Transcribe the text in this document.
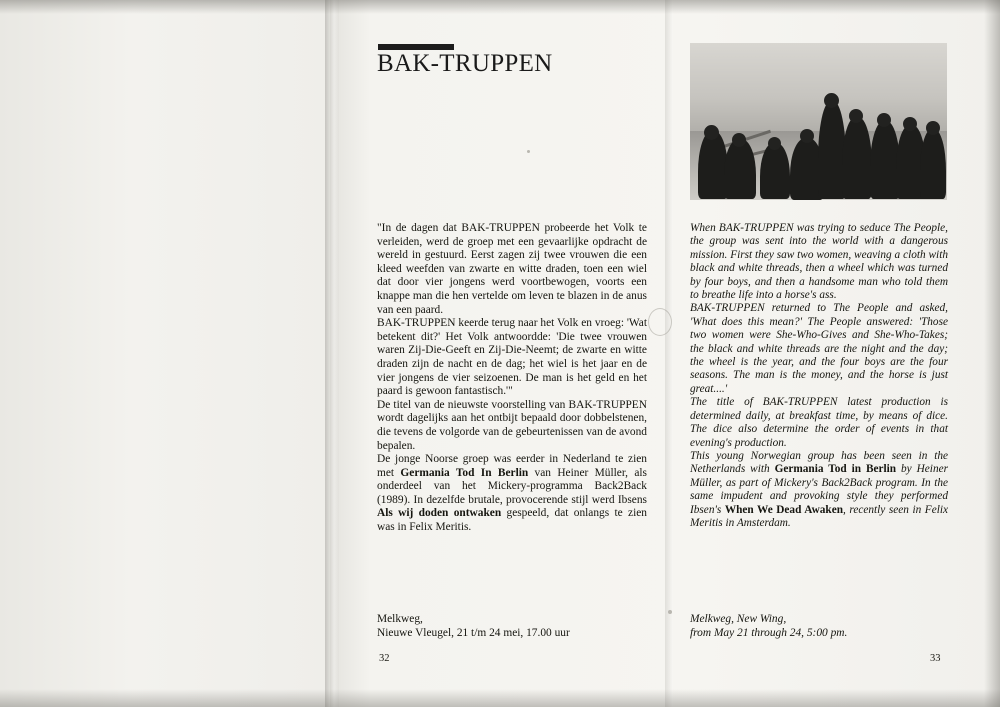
BAK-TRUPPEN

"In de dagen dat BAK-TRUPPEN probeerde het Volk te verleiden, werd de groep met een gevaarlijke opdracht de wereld in gestuurd. Eerst zagen zij twee vrouwen die een kleed weefden van zwarte en witte draden, toen een wiel dat door vier jongens werd voortbewogen, voorts een knappe man die hen vertelde om leven te blazen in de anus van een paard.

BAK-TRUPPEN keerde terug naar het Volk en vroeg: 'Wat betekent dit?' Het Volk antwoordde: 'Die twee vrouwen waren Zij-Die-Geeft en Zij-Die-Neemt; de zwarte en witte draden zijn de nacht en de dag; het wiel is het jaar en de vier jongens de vier seizoenen. De man is het geld en het paard is gewoon fantastisch.'"

De titel van de nieuwste voorstelling van BAK-TRUPPEN wordt dagelijks aan het ontbijt bepaald door dobbelstenen, die tevens de volgorde van de gebeurtenissen van de avond bepalen.

De jonge Noorse groep was eerder in Nederland te zien met Germania Tod In Berlin van Heiner Müller, als onderdeel van het Mickery-programma Back2Back (1989). In dezelfde brutale, provocerende stijl werd Ibsens Als wij doden ontwaken gespeeld, dat onlangs te zien was in Felix Meritis.

When BAK-TRUPPEN was trying to seduce The People, the group was sent into the world with a dangerous mission. First they saw two women, weaving a cloth with black and white threads, then a wheel which was turned by four boys, and then a handsome man who told them to breathe life into a horse's ass.

BAK-TRUPPEN returned to The People and asked, 'What does this mean?' The People answered: 'Those two women were She-Who-Gives and She-Who-Takes; the black and white threads are the night and the day; the wheel is the year, and the four boys are the four seasons. The man is the money, and the horse is just great....'

The title of BAK-TRUPPEN latest production is determined daily, at breakfast time, by means of dice. The dice also determine the order of events in that evening's production.

This young Norwegian group has been seen in the Netherlands with Germania Tod in Berlin by Heiner Müller, as part of Mickery's Back2Back program. In the same impudent and provoking style they performed Ibsen's When We Dead Awaken, recently seen in Felix Meritis in Amsterdam.

Melkweg,
Nieuwe Vleugel, 21 t/m 24 mei, 17.00 uur
Melkweg, New Wing,
from May 21 through 24, 5:00 pm.
32	33
